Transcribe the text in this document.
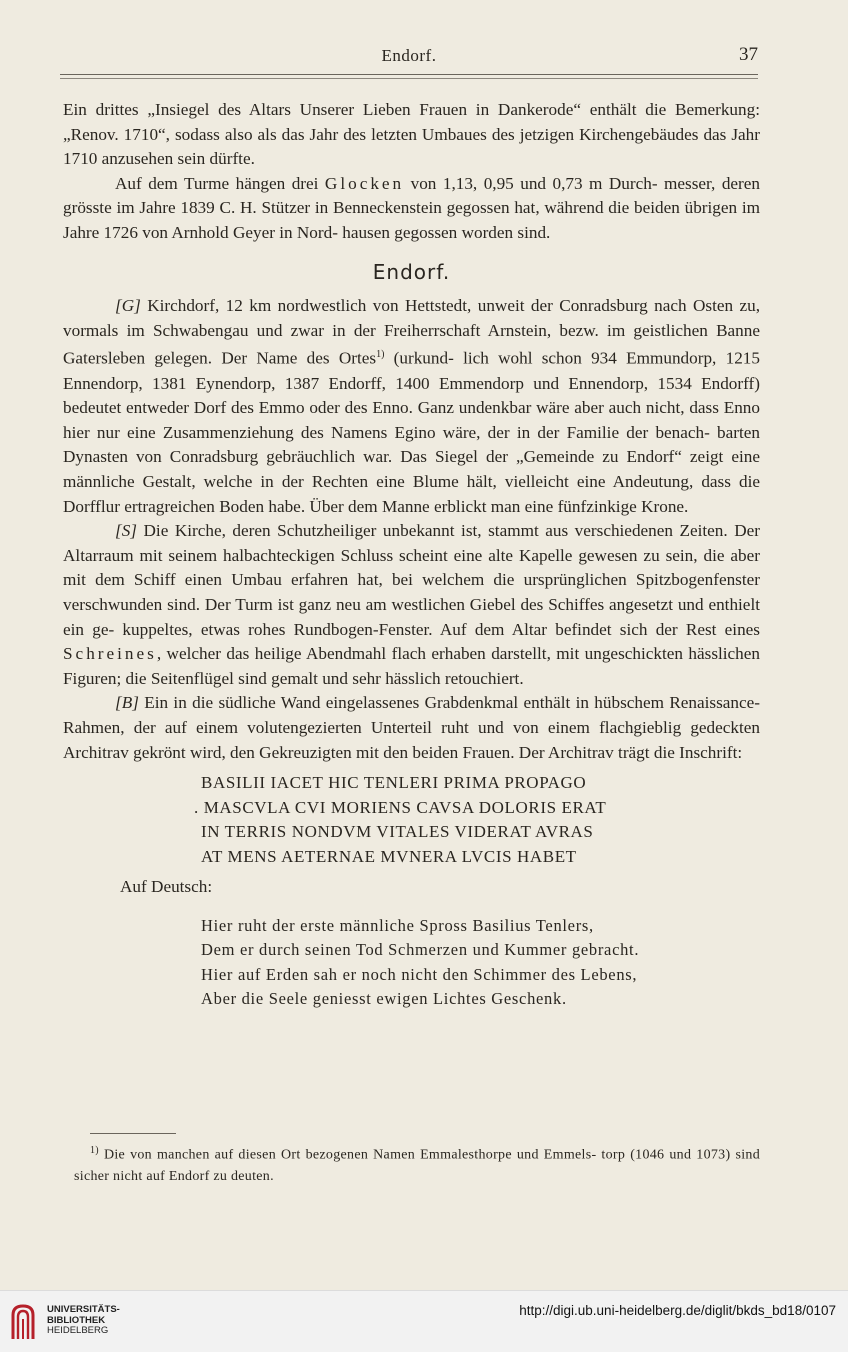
Endorf.	37

Ein drittes „Insiegel des Altars Unserer Lieben Frauen in Dankerode“ enthält die Bemerkung: „Renov. 1710“, sodass also als das Jahr des letzten Umbaues des jetzigen Kirchengebäudes das Jahr 1710 anzusehen sein dürfte.

Auf dem Turme hängen drei Glocken von 1,13, 0,95 und 0,73 m Durch‐ messer, deren grösste im Jahre 1839 C. H. Stützer in Benneckenstein gegossen hat, während die beiden übrigen im Jahre 1726 von Arnhold Geyer in Nord‐ hausen gegossen worden sind.

Endorf.

[G] Kirchdorf, 12 km nordwestlich von Hettstedt, unweit der Conradsburg nach Osten zu, vormals im Schwabengau und zwar in der Freiherrschaft Arnstein, bezw. im geistlichen Banne Gatersleben gelegen. Der Name des Ortes$^{1)}$ (urkund‐ lich wohl schon 934 Emmundorp, 1215 Ennendorp, 1381 Eynendorp, 1387 Endorff, 1400 Emmendorp und Ennendorp, 1534 Endorff) bedeutet entweder Dorf des Emmo oder des Enno. Ganz undenkbar wäre aber auch nicht, dass Enno hier nur eine Zusammenziehung des Namens Egino wäre, der in der Familie der benach‐ barten Dynasten von Conradsburg gebräuchlich war. Das Siegel der „Gemeinde zu Endorf“ zeigt eine männliche Gestalt, welche in der Rechten eine Blume hält, vielleicht eine Andeutung, dass die Dorfflur ertragreichen Boden habe. Über dem Manne erblickt man eine fünfzinkige Krone.

[S] Die Kirche, deren Schutzheiliger unbekannt ist, stammt aus verschiedenen Zeiten. Der Altarraum mit seinem halbachteckigen Schluss scheint eine alte Kapelle gewesen zu sein, die aber mit dem Schiff einen Umbau erfahren hat, bei welchem die ursprünglichen Spitzbogenfenster verschwunden sind. Der Turm ist ganz neu am westlichen Giebel des Schiffes angesetzt und enthielt ein ge‐ kuppeltes, etwas rohes Rundbogen‐Fenster. Auf dem Altar befindet sich der Rest eines Schreines, welcher das heilige Abendmahl flach erhaben darstellt, mit ungeschickten hässlichen Figuren; die Seitenflügel sind gemalt und sehr hässlich retouchiert.

[B] Ein in die südliche Wand eingelassenes Grabdenkmal enthält in hübschem Renaissance‐Rahmen, der auf einem volutengezierten Unterteil ruht und von einem flachgieblig gedeckten Architrav gekrönt wird, den Gekreuzigten mit den beiden Frauen. Der Architrav trägt die Inschrift:

BASILII IACET HIC TENLERI PRIMA PROPAGO
. MASCVLA CVI MORIENS CAVSA DOLORIS ERAT
IN TERRIS NONDVM VITALES VIDERAT AVRAS
AT MENS AETERNAE MVNERA LVCIS HABET
Auf Deutsch:
Hier ruht der erste männliche Spross Basilius Tenlers,
Dem er durch seinen Tod Schmerzen und Kummer gebracht.
Hier auf Erden sah er noch nicht den Schimmer des Lebens,
Aber die Seele geniesst ewigen Lichtes Geschenk.

$^{1)}$ Die von manchen auf diesen Ort bezogenen Namen Emmalesthorpe und Emmels‐ torp (1046 und 1073) sind sicher nicht auf Endorf zu deuten.

UNIVERSITÄTS-
BIBLIOTHEK
HEIDELBERG
http://digi.ub.uni-heidelberg.de/diglit/bkds_bd18/0107
